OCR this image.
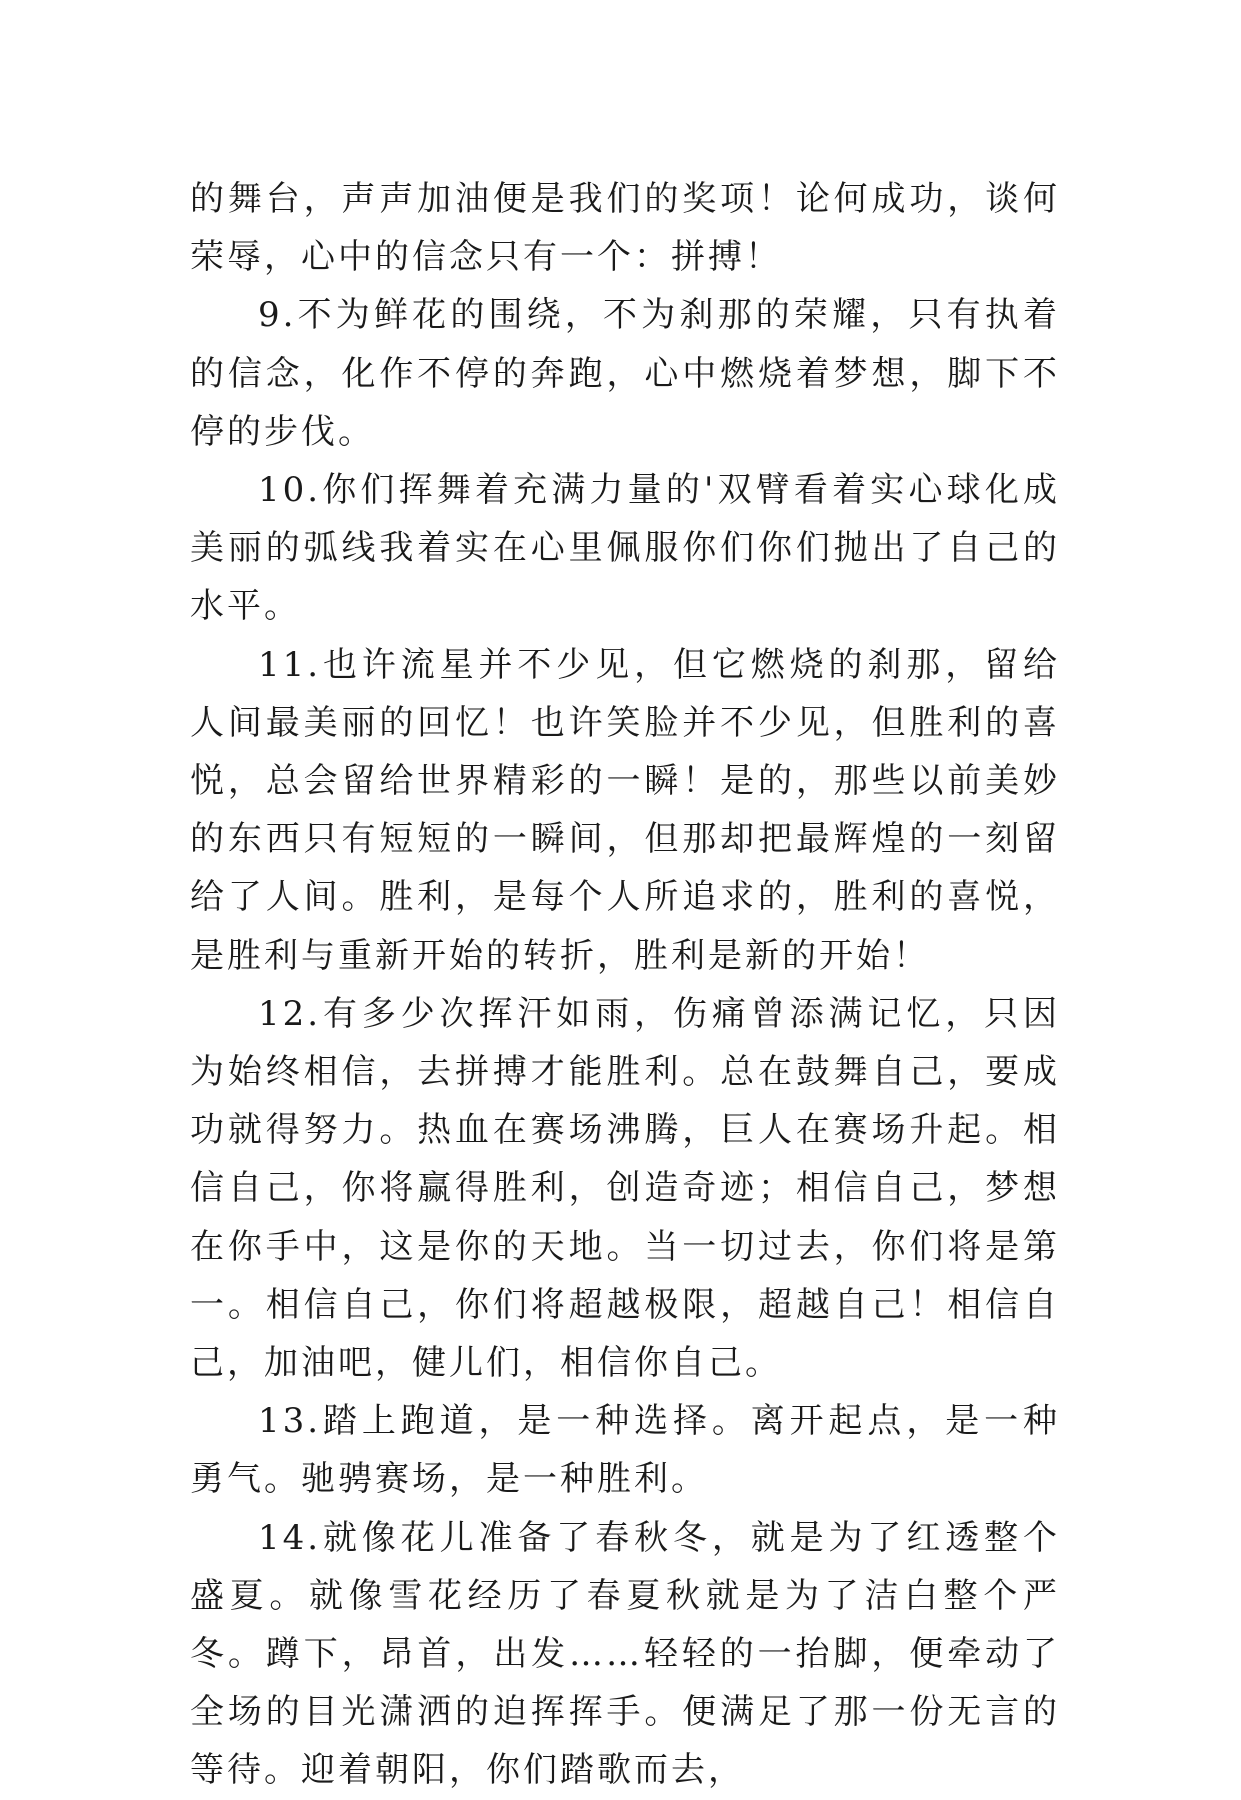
的舞台，声声加油便是我们的奖项！论何成功，谈何荣辱，心中的信念只有一个：拼搏！

9.不为鲜花的围绕，不为刹那的荣耀，只有执着的信念，化作不停的奔跑，心中燃烧着梦想，脚下不停的步伐。

10.你们挥舞着充满力量的'双臂看着实心球化成美丽的弧线我着实在心里佩服你们你们抛出了自己的水平。

11.也许流星并不少见，但它燃烧的刹那，留给人间最美丽的回忆！也许笑脸并不少见，但胜利的喜悦，总会留给世界精彩的一瞬！是的，那些以前美妙的东西只有短短的一瞬间，但那却把最辉煌的一刻留给了人间。胜利，是每个人所追求的，胜利的喜悦，是胜利与重新开始的转折，胜利是新的开始！

12.有多少次挥汗如雨，伤痛曾添满记忆，只因为始终相信，去拼搏才能胜利。总在鼓舞自己，要成功就得努力。热血在赛场沸腾，巨人在赛场升起。相信自己，你将赢得胜利，创造奇迹；相信自己，梦想在你手中，这是你的天地。当一切过去，你们将是第一。相信自己，你们将超越极限，超越自己！相信自己，加油吧，健儿们，相信你自己。

13.踏上跑道，是一种选择。离开起点，是一种勇气。驰骋赛场，是一种胜利。

14.就像花儿准备了春秋冬，就是为了红透整个盛夏。就像雪花经历了春夏秋就是为了洁白整个严冬。蹲下，昂首，出发……轻轻的一抬脚，便牵动了全场的目光潇洒的迫挥挥手。便满足了那一份无言的等待。迎着朝阳，你们踏歌而去，
